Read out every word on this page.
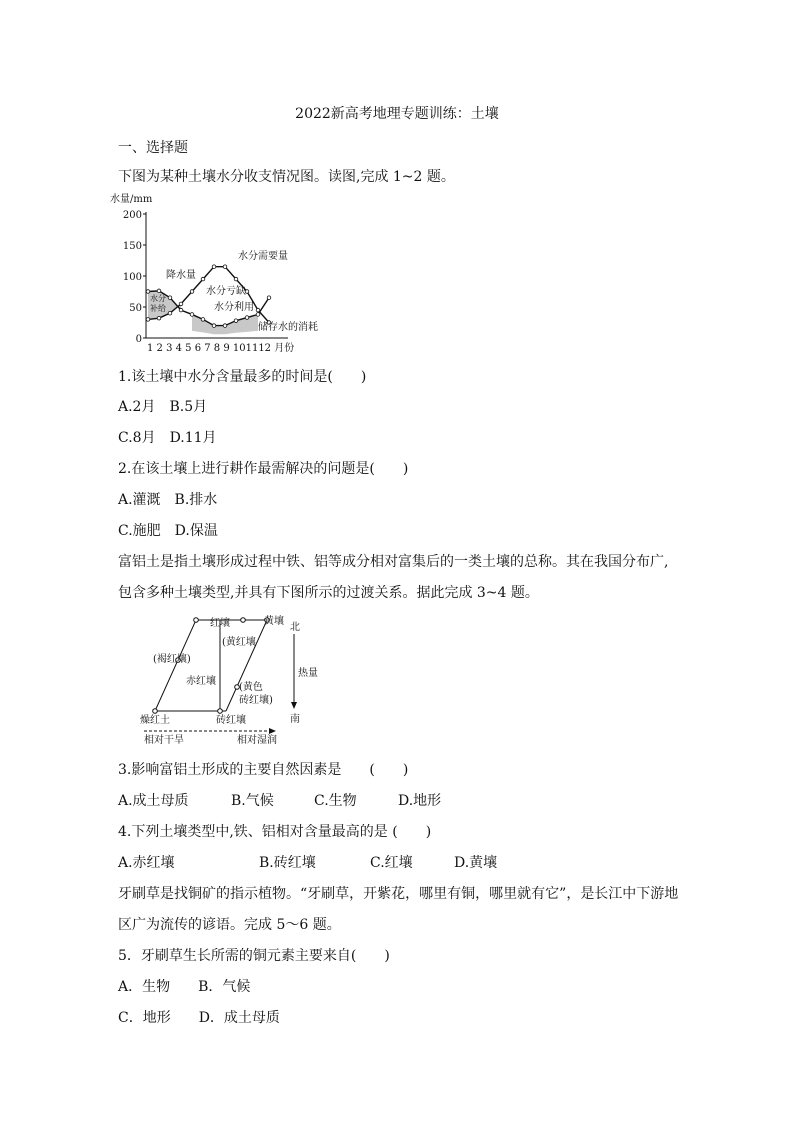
2022新高考地理专题训练：土壤
一、选择题
下图为某种土壤水分收支情况图。读图,完成 1~2 题。
0
50
100
150
200
水量/mm
1 2 3 4 5 6 7 8 9 101112 月份
降水量
水分需要量
水分亏缺
水分利用
储存水的消耗
水分
补给
1.该土壤中水分含量最多的时间是(　　)
A.2月　B.5月
C.8月　D.11月
2.在该土壤上进行耕作最需解决的问题是(　　)
A.灌溉　B.排水
C.施肥　D.保温
富铝土是指土壤形成过程中铁、铝等成分相对富集后的一类土壤的总称。其在我国分布广,
包含多种土壤类型,并具有下图所示的过渡关系。据此完成 3~4 题。
红壤	黄壤
(黄红壤
(褐红壤)
赤红壤
(黄色
砖红壤)
燥红土	砖红壤
北
热量
南
相对干旱	相对湿润
3.影响富铝土形成的主要自然因素是　　(　　)
A.成土母质	B.气候	C.生物	D.地形
4.下列土壤类型中,铁、铝相对含量最高的是 (　　)
A.赤红壤	B.砖红壤	C.红壤	D.黄壤
牙刷草是找铜矿的指示植物。“牙刷草，开紫花，哪里有铜，哪里就有它”，是长江中下游地
区广为流传的谚语。完成 5～6 题。
5．牙刷草生长所需的铜元素主要来自(　　)
A．生物　　B．气候
C．地形　　D．成土母质
